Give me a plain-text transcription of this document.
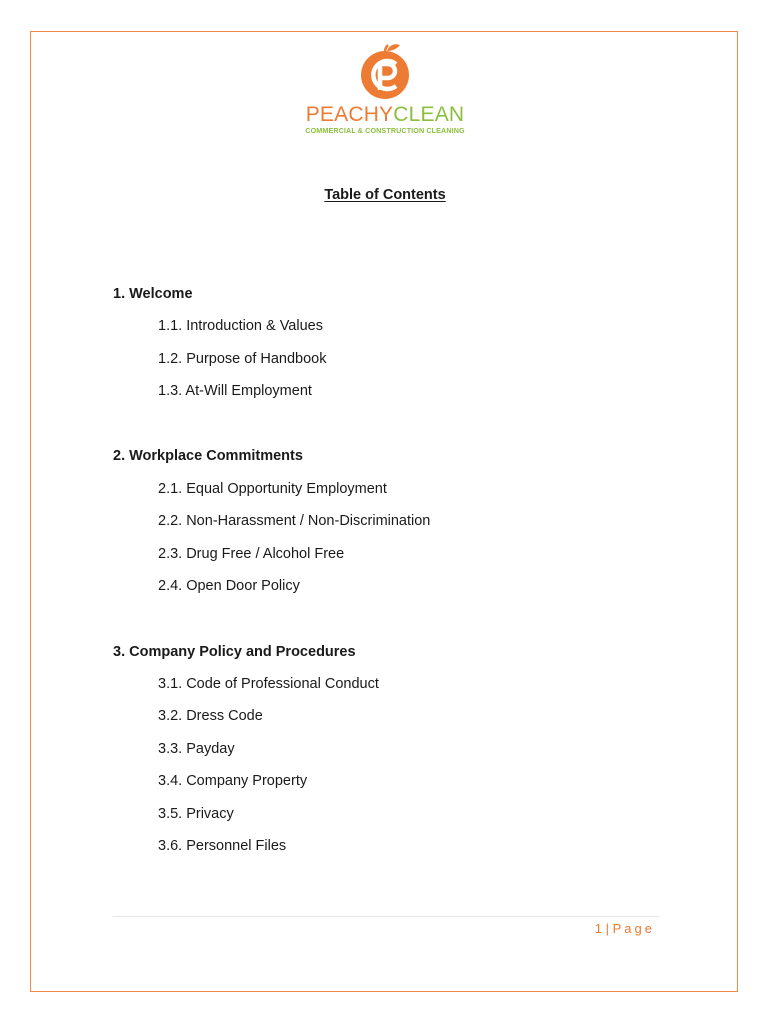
PEACHYCLEAN
COMMERCIAL & CONSTRUCTION CLEANING
Table of Contents
1. Welcome
1.1. Introduction & Values
1.2. Purpose of Handbook
1.3. At-Will Employment
2. Workplace Commitments
2.1. Equal Opportunity Employment
2.2. Non-Harassment / Non-Discrimination
2.3. Drug Free / Alcohol Free
2.4. Open Door Policy
3. Company Policy and Procedures
3.1. Code of Professional Conduct
3.2. Dress Code
3.3. Payday
3.4. Company Property
3.5. Privacy
3.6. Personnel Files
1 | Page
